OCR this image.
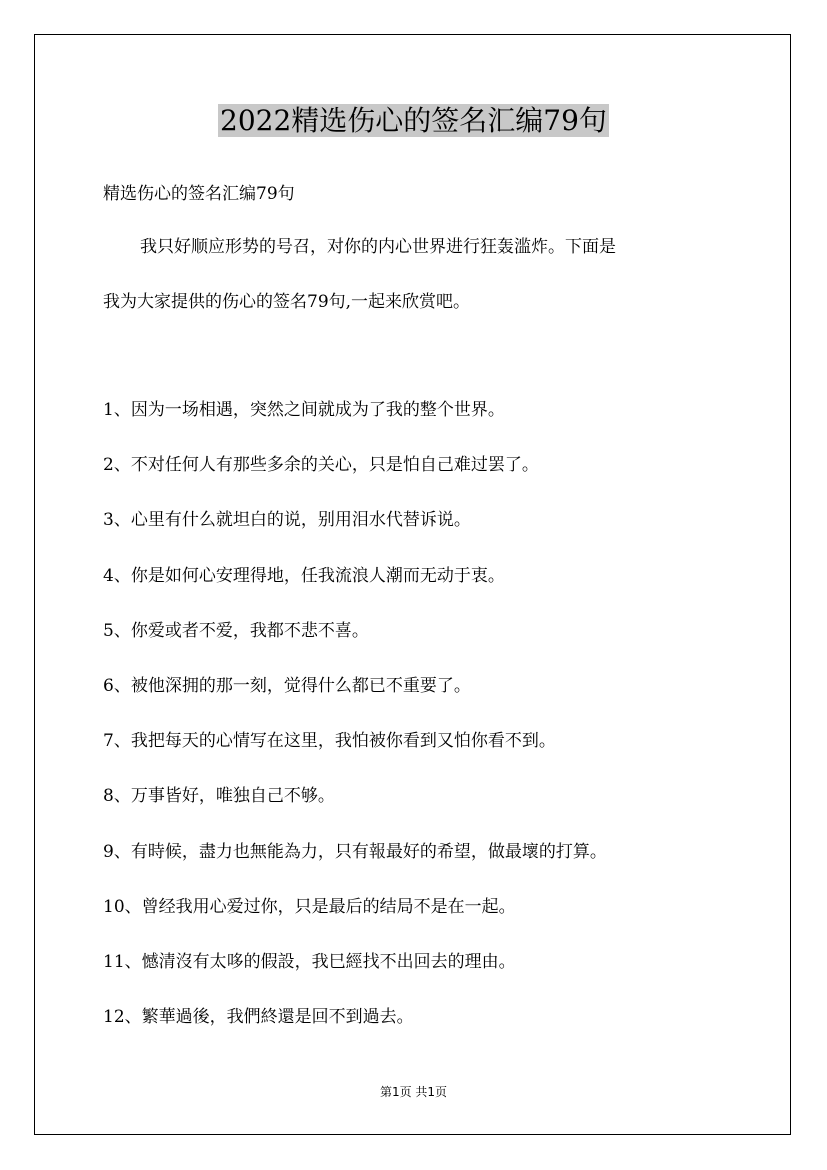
2022精选伤心的签名汇编79句
精选伤心的签名汇编79句
我只好顺应形势的号召，对你的内心世界进行狂轰滥炸。下面是
我为大家提供的伤心的签名79句,一起来欣赏吧。
1、因为一场相遇，突然之间就成为了我的整个世界。
2、不对任何人有那些多余的关心，只是怕自己难过罢了。
3、心里有什么就坦白的说，别用泪水代替诉说。
4、你是如何心安理得地，任我流浪人潮而无动于衷。
5、你爱或者不爱，我都不悲不喜。
6、被他深拥的那一刻，觉得什么都已不重要了。
7、我把每天的心情写在这里，我怕被你看到又怕你看不到。
8、万事皆好，唯独自己不够。
9、有時候，盡力也無能為力，只有報最好的希望，做最壞的打算。
10、曾经我用心爱过你，只是最后的结局不是在一起。
11、憾清沒有太哆的假設，我巳經找不出回去的理由。
12、繁華過後，我們終還是回不到過去。
第1页 共1页
